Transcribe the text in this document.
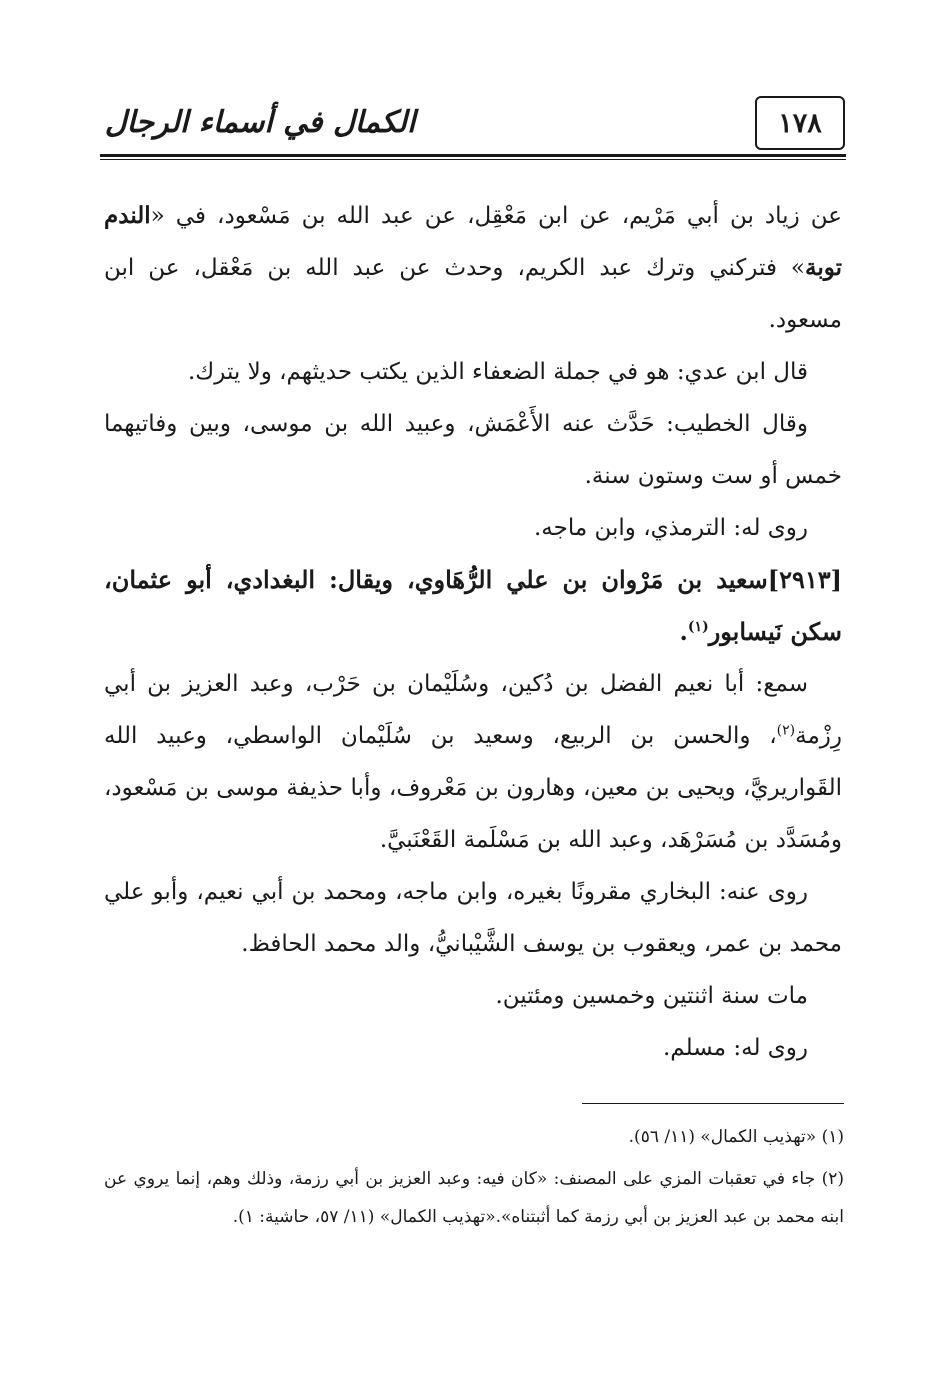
١٧٨
الكمال في أسماء الرجال

عن زياد بن أبي مَرْيم، عن ابن مَعْقِل، عن عبد الله بن مَسْعود، في «الندم توبة» فتركني وترك عبد الكريم، وحدث عن عبد الله بن مَعْقل، عن ابن مسعود.

قال ابن عدي: هو في جملة الضعفاء الذين يكتب حديثهم، ولا يترك.

وقال الخطيب: حَدَّث عنه الأَعْمَش، وعبيد الله بن موسى، وبين وفاتيهما خمس أو ست وستون سنة.

روى له: الترمذي، وابن ماجه.

[٢٩١٣]سعيد بن مَرْوان بن علي الرُّهَاوي، ويقال: البغدادي، أبو عثمان، سكن نَيسابور$^{(١)}$.

سمع: أبا نعيم الفضل بن دُكين، وسُلَيْمان بن حَرْب، وعبد العزيز بن أبي رِزْمة$^{(٢)}$، والحسن بن الربيع، وسعيد بن سُلَيْمان الواسطي، وعبيد الله القَواريريَّ، ويحيى بن معين، وهارون بن مَعْروف، وأبا حذيفة موسى بن مَسْعود، ومُسَدَّد بن مُسَرْهَد، وعبد الله بن مَسْلَمة القَعْنَبيَّ.

روى عنه: البخاري مقرونًا بغيره، وابن ماجه، ومحمد بن أبي نعيم، وأبو علي محمد بن عمر، ويعقوب بن يوسف الشَّيْبانيُّ، والد محمد الحافظ.

مات سنة اثنتين وخمسين ومئتين.

روى له: مسلم.

(١) «تهذيب الكمال» (١١/ ٥٦).

(٢) جاء في تعقبات المزي على المصنف: «كان فيه: وعبد العزيز بن أبي رزمة، وذلك وهم، إنما يروي عن ابنه محمد بن عبد العزيز بن أبي رزمة كما أثبتناه».«تهذيب الكمال» (١١/ ٥٧، حاشية: ١).
